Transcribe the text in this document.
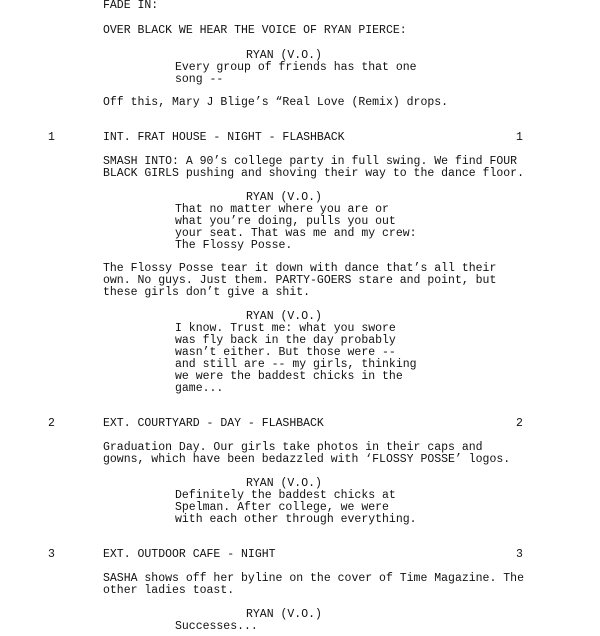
FADE IN:
OVER BLACK WE HEAR THE VOICE OF RYAN PIERCE:
RYAN (V.O.)
Every group of friends has that one
song --
Off this, Mary J Blige’s “Real Love (Remix) drops.
1	INT. FRAT HOUSE - NIGHT - FLASHBACK	1
SMASH INTO: A 90’s college party in full swing. We find FOUR
BLACK GIRLS pushing and shoving their way to the dance floor.
RYAN (V.O.)
That no matter where you are or
what you’re doing, pulls you out
your seat. That was me and my crew:
The Flossy Posse.
The Flossy Posse tear it down with dance that’s all their
own. No guys. Just them. PARTY-GOERS stare and point, but
these girls don’t give a shit.
RYAN (V.O.)
I know. Trust me: what you swore
was fly back in the day probably
wasn’t either. But those were --
and still are -- my girls, thinking
we were the baddest chicks in the
game...
2	EXT. COURTYARD - DAY - FLASHBACK	2
Graduation Day. Our girls take photos in their caps and
gowns, which have been bedazzled with ‘FLOSSY POSSE’ logos.
RYAN (V.O.)
Definitely the baddest chicks at
Spelman. After college, we were
with each other through everything.
3	EXT. OUTDOOR CAFE - NIGHT	3
SASHA shows off her byline on the cover of Time Magazine. The
other ladies toast.
RYAN (V.O.)
Successes...
